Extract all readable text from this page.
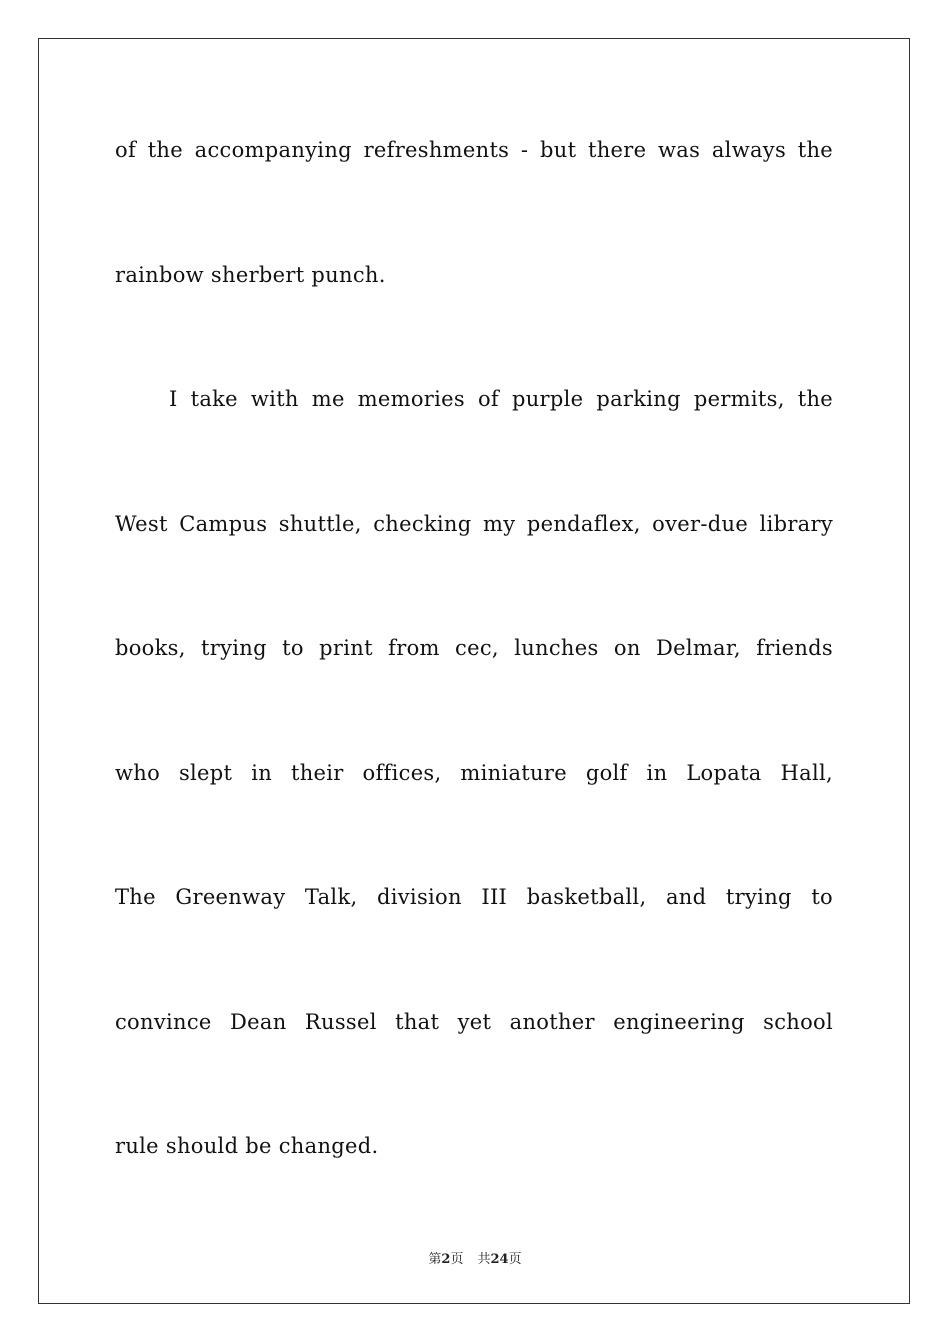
of the accompanying refreshments - but there was always the
rainbow sherbert punch.
I take with me memories of purple parking permits, the
West Campus shuttle, checking my pendaflex, over-due library
books, trying to print from cec, lunches on Delmar, friends
who slept in their offices, miniature golf in Lopata Hall,
The Greenway Talk, division III basketball, and trying to
convince Dean Russel that yet another engineering school
rule should be changed.
第2页 共24页
